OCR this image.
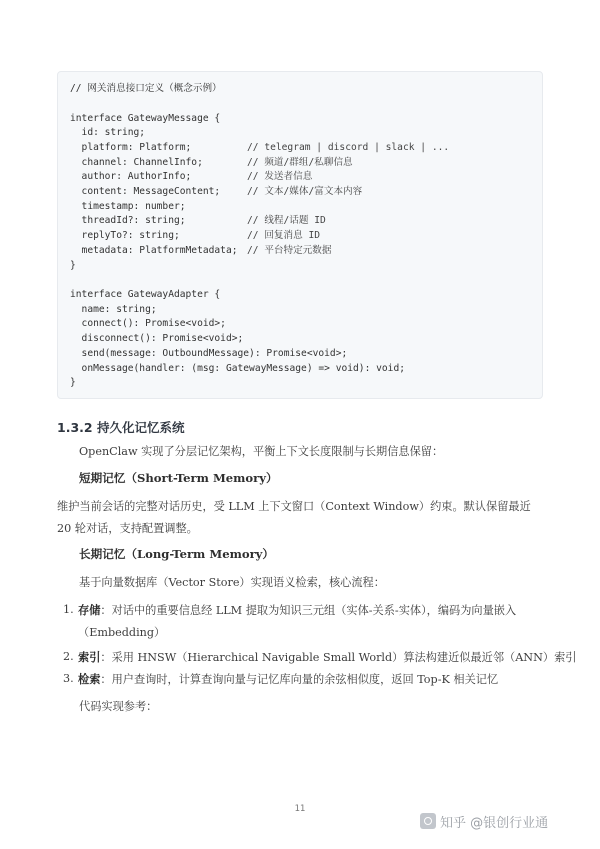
// 网关消息接口定义（概念示例）
interface GatewayMessage {
id: string;
platform: Platform;	// telegram | discord | slack | ...
channel: ChannelInfo;	// 频道/群组/私聊信息
author: AuthorInfo;	// 发送者信息
content: MessageContent;	// 文本/媒体/富文本内容
timestamp: number;
threadId?: string;	// 线程/话题 ID
replyTo?: string;	// 回复消息 ID
metadata: PlatformMetadata; // 平台特定元数据
}
interface GatewayAdapter {
name: string;
connect(): Promise<void>;
disconnect(): Promise<void>;
send(message: OutboundMessage): Promise<void>;
onMessage(handler: (msg: GatewayMessage) => void): void;
}
1.3.2 持久化记忆系统

OpenClaw 实现了分层记忆架构，平衡上下文长度限制与长期信息保留：

短期记忆（Short-Term Memory）

维护当前会话的完整对话历史，受 LLM 上下文窗口（Context Window）约束。默认保留最近 20 轮对话，支持配置调整。

长期记忆（Long-Term Memory）

基于向量数据库（Vector Store）实现语义检索，核心流程：

1. 存储：对话中的重要信息经 LLM 提取为知识三元组（实体-关系-实体），编码为向量嵌入（Embedding）
2. 索引：采用 HNSW（Hierarchical Navigable Small World）算法构建近似最近邻（ANN）索引
3. 检索：用户查询时，计算查询向量与记忆库向量的余弦相似度，返回 Top-K 相关记忆

代码实现参考：

11
知乎 @银创行业通
